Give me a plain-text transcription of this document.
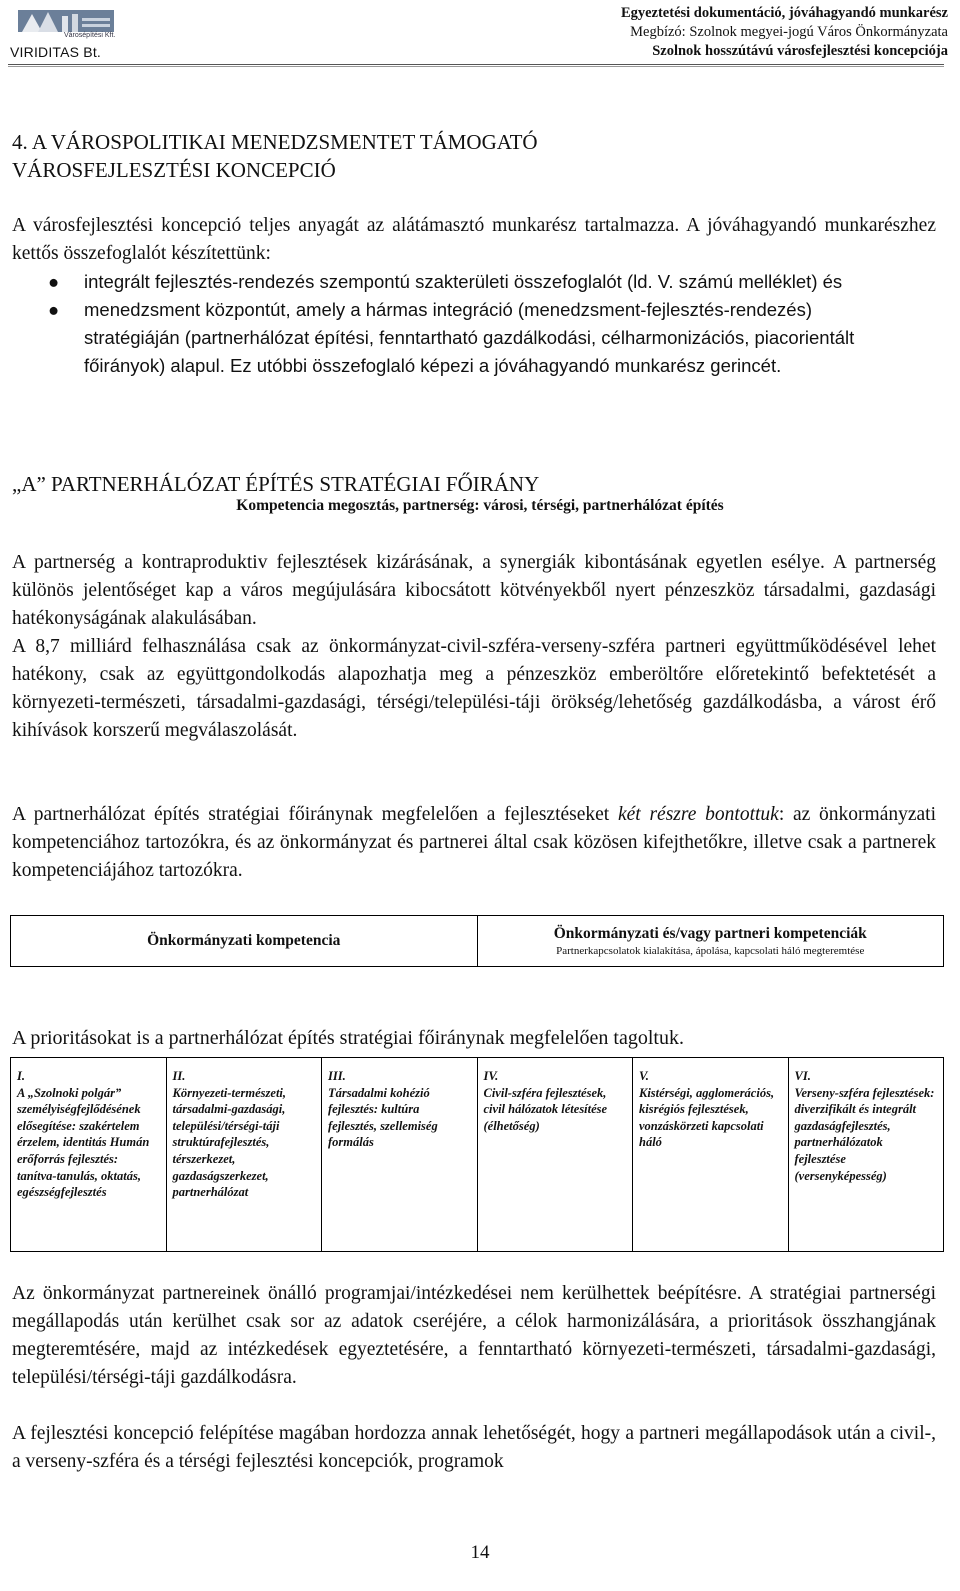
Városépítési Kft.
VIRIDITAS Bt.
Egyeztetési dokumentáció, jóváhagyandó munkarész
Megbízó: Szolnok megyei-jogú Város Önkormányzata
Szolnok hosszútávú városfejlesztési koncepciója
4. A VÁROSPOLITIKAI MENEDZSMENTET TÁMOGATÓ
VÁROSFEJLESZTÉSI KONCEPCIÓ
A városfejlesztési koncepció teljes anyagát az alátámasztó munkarész tartalmazza. A jóváhagyandó munkarészhez kettős összefoglalót készítettünk:
● integrált fejlesztés-rendezés szempontú szakterületi összefoglalót (ld. V. számú melléklet) és
● menedzsment központút, amely a hármas integráció (menedzsment-fejlesztés-rendezés) stratégiáján (partnerhálózat építési, fenntartható gazdálkodási, célharmonizációs, piacorientált főirányok) alapul. Ez utóbbi összefoglaló képezi a jóváhagyandó munkarész gerincét.
„A” PARTNERHÁLÓZAT ÉPÍTÉS STRATÉGIAI FŐIRÁNY
Kompetencia megosztás, partnerség: városi, térségi, partnerhálózat építés
A partnerség a kontraproduktiv fejlesztések kizárásának, a synergiák kibontásának egyetlen esélye. A partnerség különös jelentőséget kap a város megújulására kibocsátott kötvényekből nyert pénzeszköz társadalmi, gazdasági hatékonyságának alakulásában.
A 8,7 milliárd felhasználása csak az önkormányzat-civil-szféra-verseny-szféra partneri együttműködésével lehet hatékony, csak az együttgondolkodás alapozhatja meg a pénzeszköz emberöltőre előretekintő befektetését a környezeti-természeti, társadalmi-gazdasági, térségi/települési-táji örökség/lehetőség gazdálkodásba, a várost érő kihívások korszerű megválaszolását.
A partnerhálózat építés stratégiai főiránynak megfelelően a fejlesztéseket két részre bontottuk: az önkormányzati kompetenciához tartozókra, és az önkormányzat és partnerei által csak közösen kifejthetőkre, illetve csak a partnerek kompetenciájához tartozókra.
Önkormányzati kompetencia	Önkormányzati és/vagy partneri kompetenciák
Partnerkapcsolatok kialakítása, ápolása, kapcsolati háló megteremtése
A prioritásokat is a partnerhálózat építés stratégiai főiránynak megfelelően tagoltuk.
I.
A „Szolnoki polgár” személyiségfejlődésének elősegítése: szakértelem érzelem, identitás Humán erőforrás fejlesztés: tanítva-tanulás, oktatás, egészségfejlesztés
II.
Környezeti-természeti, társadalmi-gazdasági, települési/térségi-táji struktúrafejlesztés, térszerkezet, gazdaságszerkezet, partnerhálózat
III.
Társadalmi kohézió fejlesztés: kultúra fejlesztés, szellemiség formálás
IV.
Civil-szféra fejlesztések, civil hálózatok létesítése (élhetőség)
V.
Kistérségi, agglomerációs, kisrégiós fejlesztések, vonzáskörzeti kapcsolati háló
VI.
Verseny-szféra fejlesztések: diverzifikált és integrált gazdaságfejlesztés, partnerhálózatok fejlesztése (versenyképesség)
Az önkormányzat partnereinek önálló programjai/intézkedései nem kerülhettek beépítésre. A stratégiai partnerségi megállapodás után kerülhet csak sor az adatok cseréjére, a célok harmonizálására, a prioritások összhangjának megteremtésére, majd az intézkedések egyeztetésére, a fenntartható környezeti-természeti, társadalmi-gazdasági, települési/térségi-táji gazdálkodásra.
A fejlesztési koncepció felépítése magában hordozza annak lehetőségét, hogy a partneri megállapodások után a civil-, a verseny-szféra és a térségi fejlesztési koncepciók, programok
14
